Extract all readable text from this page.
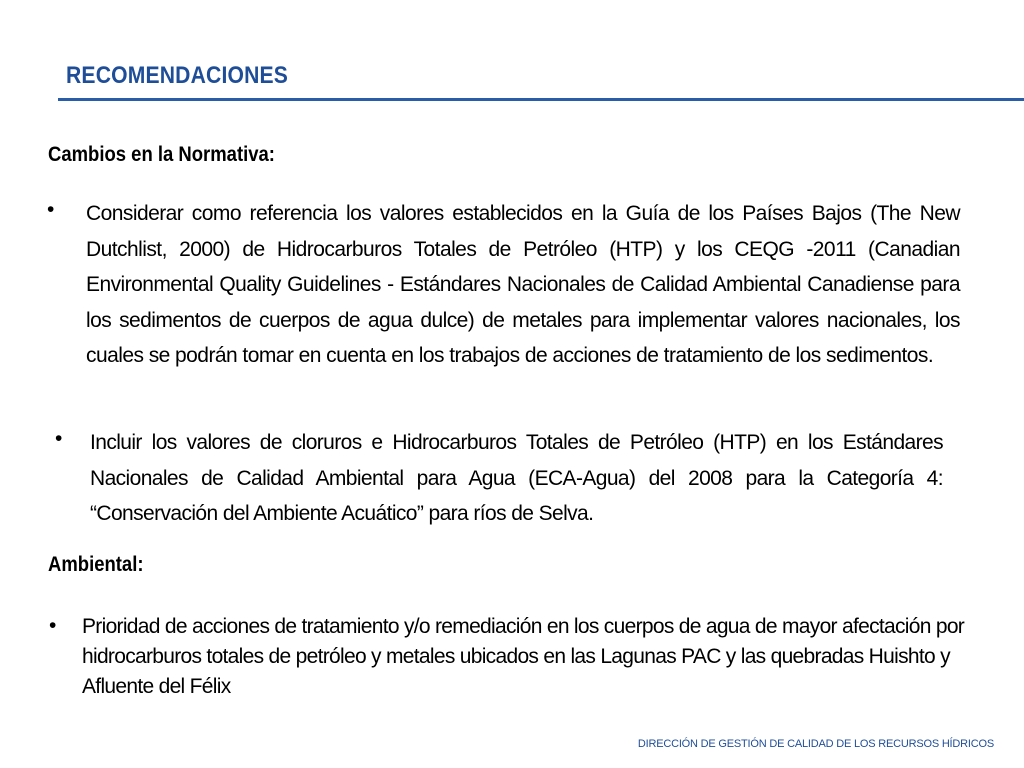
RECOMENDACIONES
Cambios en la Normativa:
• Considerar como referencia los valores establecidos en la Guía de los Países Bajos (The New Dutchlist, 2000) de Hidrocarburos Totales de Petróleo (HTP) y los CEQG -2011 (Canadian Environmental Quality Guidelines - Estándares Nacionales de Calidad Ambiental Canadiense para los sedimentos de cuerpos de agua dulce) de metales para implementar valores nacionales, los cuales se podrán tomar en cuenta en los trabajos de acciones de tratamiento de los sedimentos.
• Incluir los valores de cloruros e Hidrocarburos Totales de Petróleo (HTP) en los Estándares Nacionales de Calidad Ambiental para Agua (ECA-Agua) del 2008 para la Categoría 4: “Conservación del Ambiente Acuático” para ríos de Selva.
Ambiental:
• Prioridad de acciones de tratamiento y/o remediación en los cuerpos de agua de mayor afectación por hidrocarburos totales de petróleo y metales ubicados en las Lagunas PAC y las quebradas Huishto y Afluente del Félix
DIRECCIÓN DE GESTIÓN DE CALIDAD DE LOS RECURSOS HÍDRICOS
